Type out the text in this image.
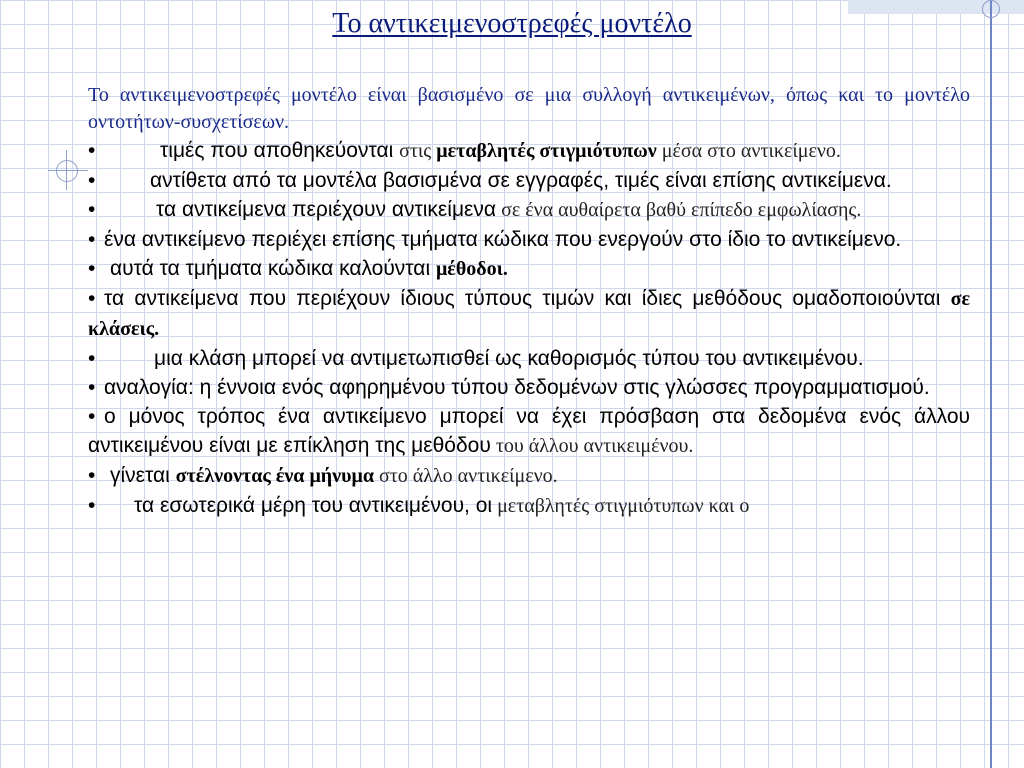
Το αντικειμενοστρεφές μοντέλο

Το αντικειμενοστρεφές μοντέλο είναι βασισμένο σε μια συλλογή αντικειμένων, όπως και το μοντέλο οντοτήτων-συσχετίσεων.

•	τιμές που αποθηκεύονται στις μεταβλητές στιγμιότυπων μέσα στο αντικείμενο.
•	αντίθετα από τα μοντέλα βασισμένα σε εγγραφές, τιμές είναι επίσης αντικείμενα.
•	τα αντικείμενα περιέχουν αντικείμενα σε ένα αυθαίρετα βαθύ επίπεδο εμφωλίασης.
• ένα αντικείμενο περιέχει επίσης τμήματα κώδικα που ενεργούν στο ίδιο το αντικείμενο.
• αυτά τα τμήματα κώδικα καλούνται μέθοδοι.
• τα αντικείμενα που περιέχουν ίδιους τύπους τιμών και ίδιες μεθόδους ομαδοποιούνται σε κλάσεις.
•	μια κλάση μπορεί να αντιμετωπισθεί ως καθορισμός τύπου του αντικειμένου.
• αναλογία: η έννοια ενός αφηρημένου τύπου δεδομένων στις γλώσσες προγραμματισμού.
• ο μόνος τρόπος ένα αντικείμενο μπορεί να έχει πρόσβαση στα δεδομένα ενός άλλου αντικειμένου είναι με επίκληση της μεθόδου του άλλου αντικειμένου.
• γίνεται στέλνοντας ένα μήνυμα στο άλλο αντικείμενο.
• τα εσωτερικά μέρη του αντικειμένου, οι μεταβλητές στιγμιότυπων και ο
